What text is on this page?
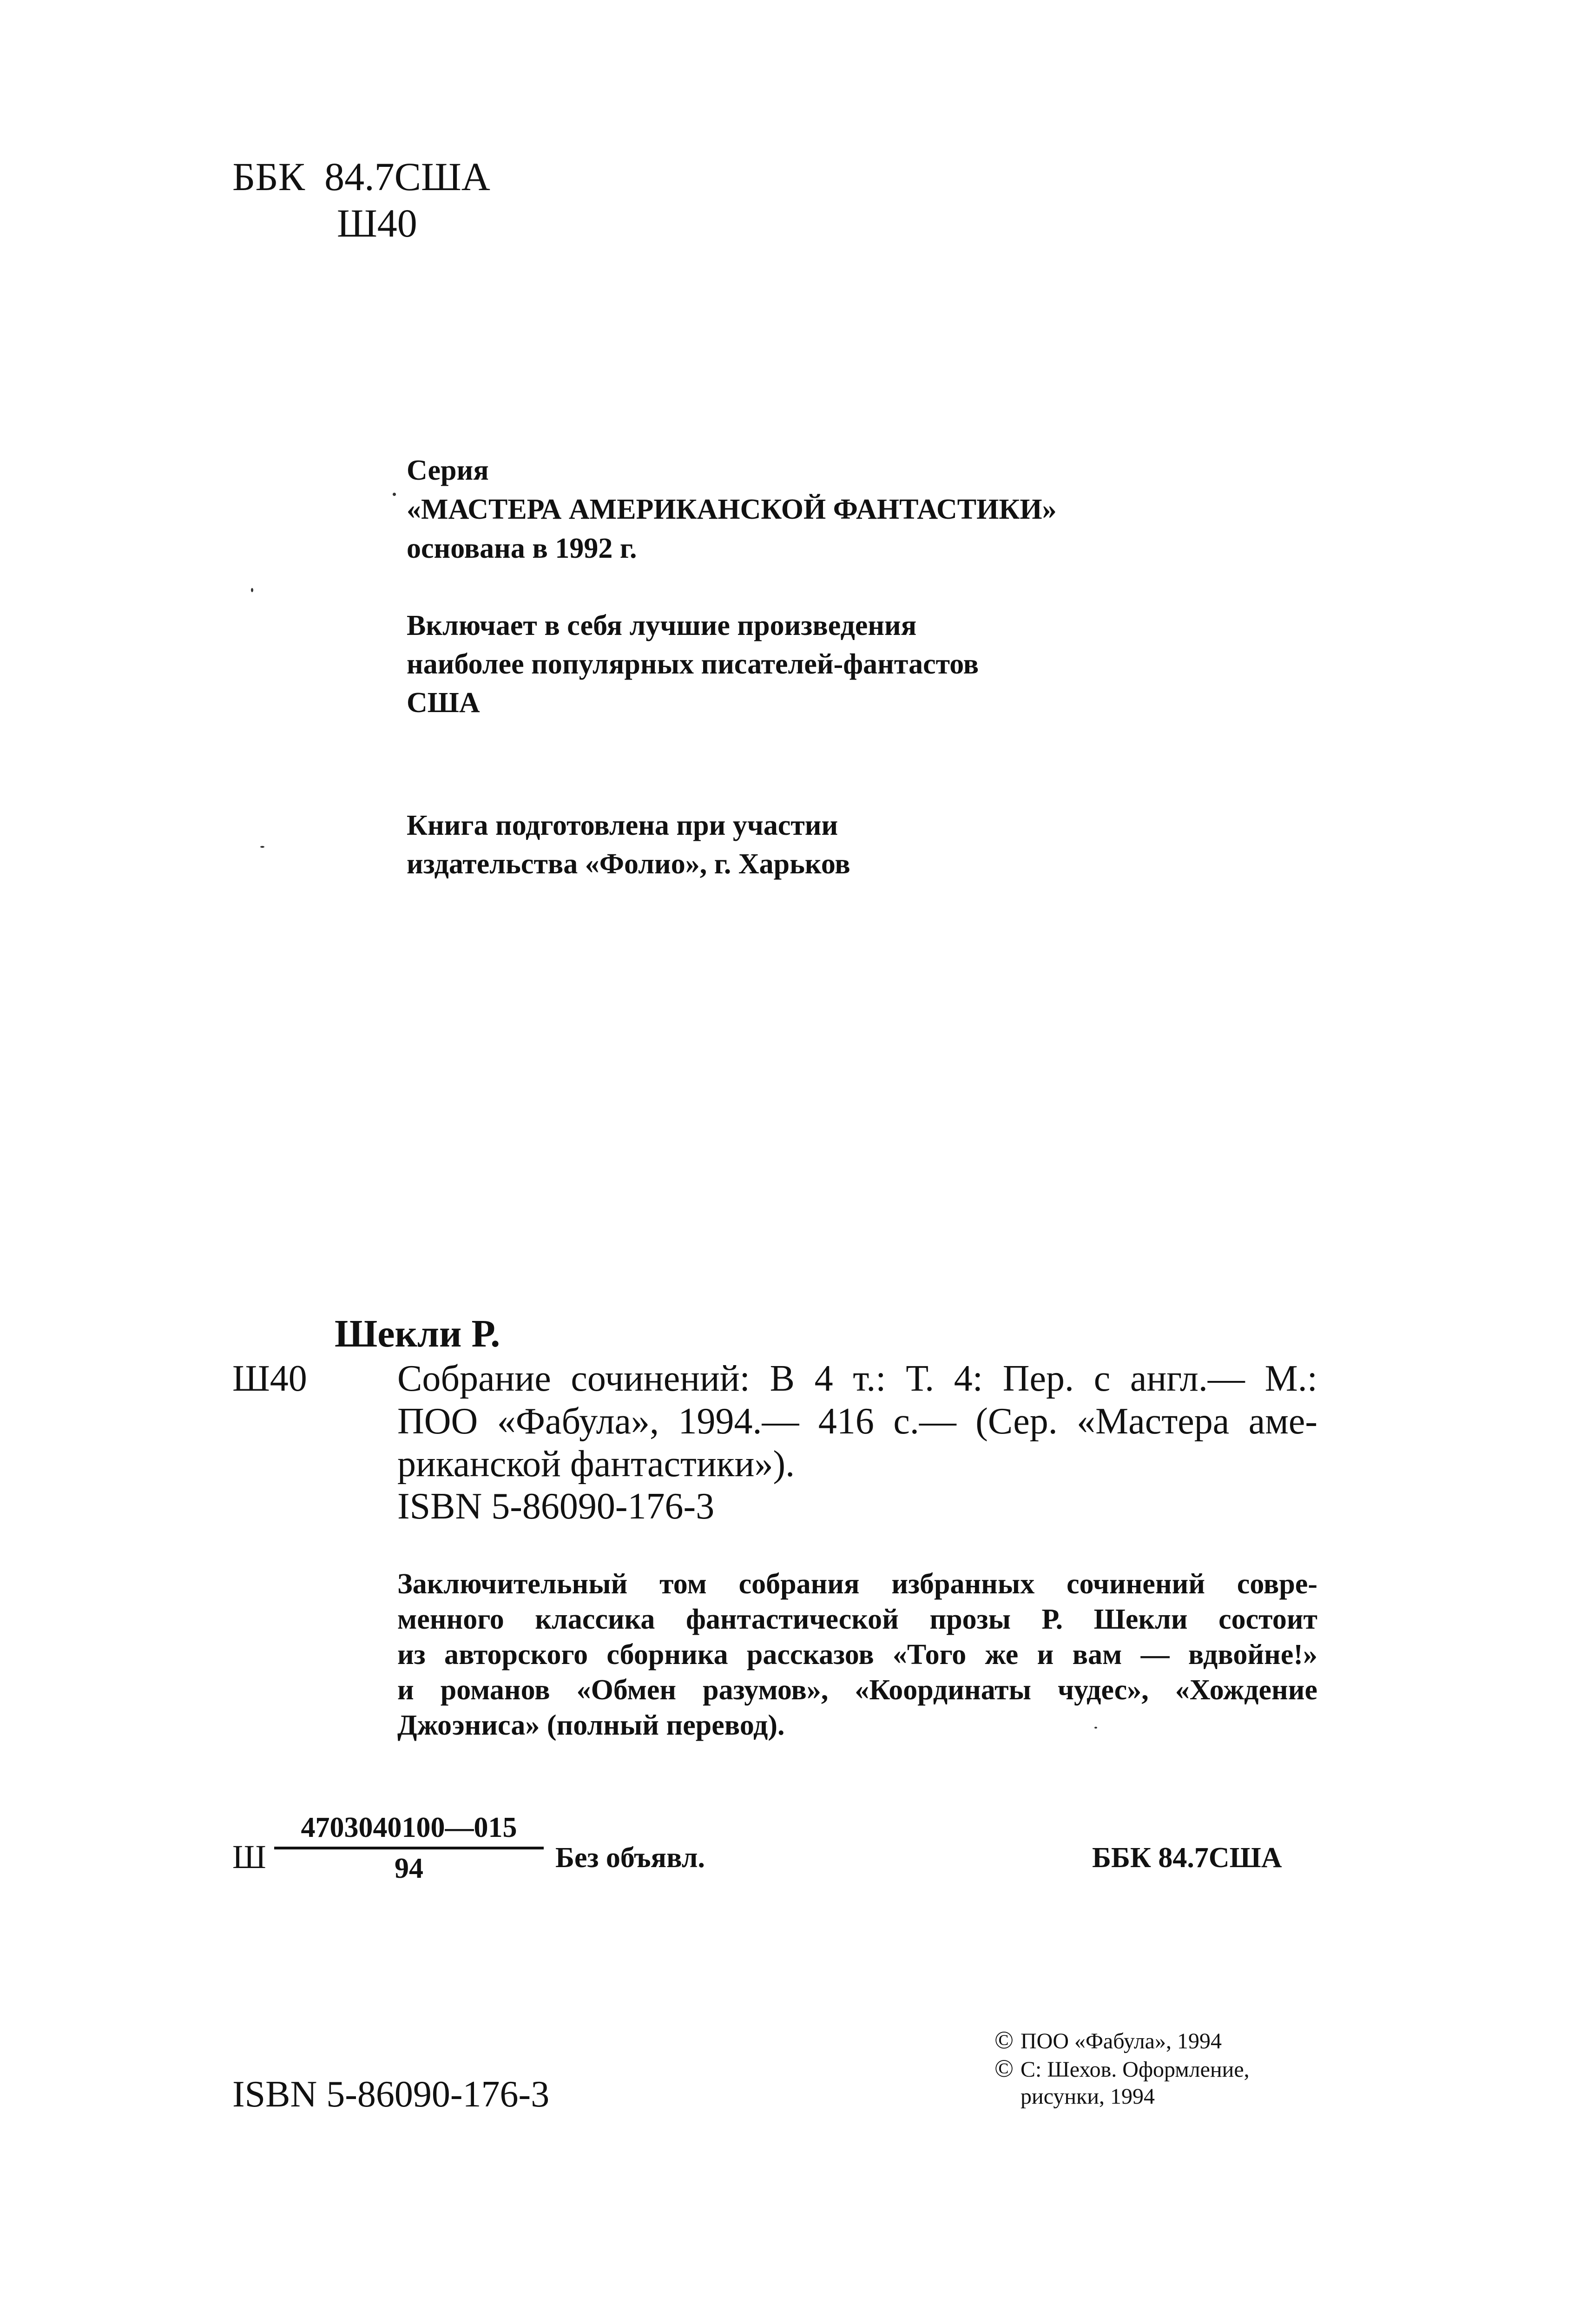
ББК 84.7США
Ш40
Серия
«МАСТЕРА АМЕРИКАНСКОЙ ФАНТАСТИКИ»
основана в 1992 г.
Включает в себя лучшие произведения
наиболее популярных писателей-фантастов
США
Книга подготовлена при участии
издательства «Фолио», г. Харьков
Шекли Р.
Ш40 Собрание сочинений: В 4 т.: Т. 4: Пер. с англ.— М.:
ПОО «Фабула», 1994.— 416 с.— (Сер. «Мастера аме-
риканской фантастики»).
ISBN 5-86090-176-3
Заключительный том собрания избранных сочинений совре-
менного классика фантастической прозы Р. Шекли состоит
из авторского сборника рассказов «Того же и вам — вдвойне!»
и романов «Обмен разумов», «Координаты чудес», «Хождение
Джоэниса» (полный перевод).
Ш
4703040100—015
94	Без объявл.	ББК 84.7США
ISBN 5-86090-176-3
© ПОО «Фабула», 1994
© С: Шехов. Оформление,
рисунки, 1994
